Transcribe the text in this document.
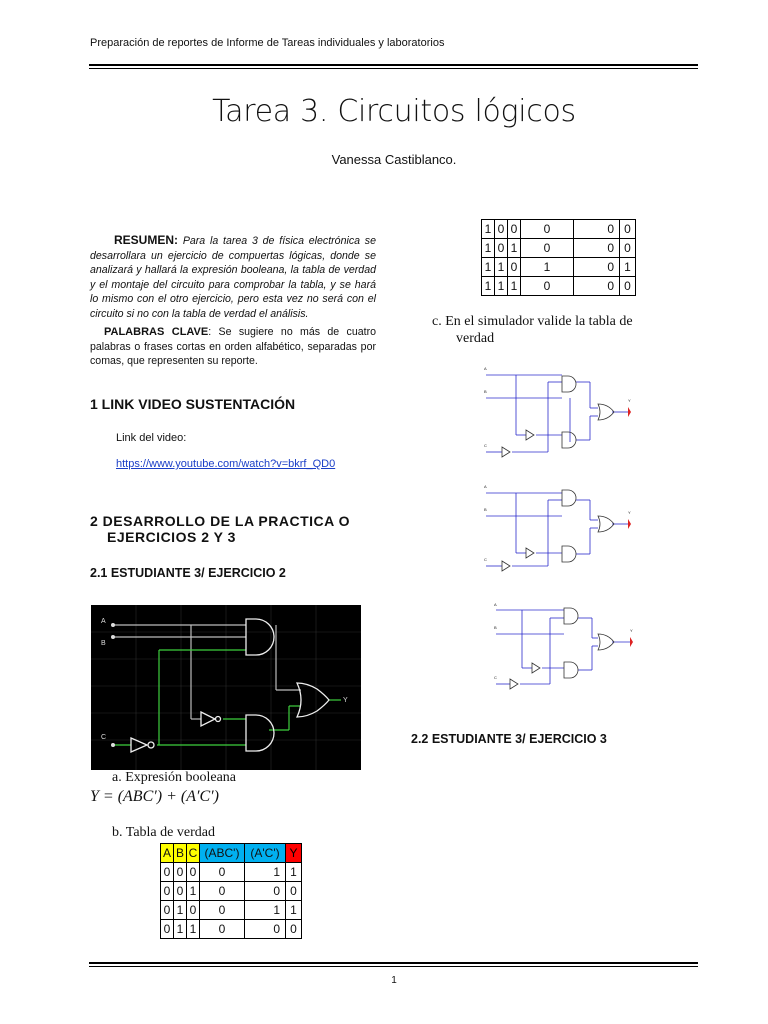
Preparación de reportes de Informe de Tareas individuales y laboratorios
Tarea 3. Circuitos lógicos
Vanessa Castiblanco.
RESUMEN: Para la tarea 3 de física electrónica se desarrollara un ejercicio de compuertas lógicas, donde se analizará y hallará la expresión booleana, la tabla de verdad y el montaje del circuito para comprobar la tabla, y se hará lo mismo con el otro ejercicio, pero esta vez no será con el circuito si no con la tabla de verdad el análisis.
PALABRAS CLAVE: Se sugiere no más de cuatro palabras o frases cortas en orden alfabético, separadas por comas, que representen su reporte.
1 LINK VIDEO SUSTENTACIÓN
Link del video:
https://www.youtube.com/watch?v=bkrf_QD0
2 DESARROLLO DE LA PRACTICA O
EJERCICIOS 2 Y 3
2.1 ESTUDIANTE 3/ EJERCICIO 2
A
B
C
Y
a. Expresión booleana
Y = (ABC′) + (A′C′)
b. Tabla de verdad
A	B	C	(ABC')	(A'C')	Y
0	0	0	0	1	1
0	0	1	0	0	0
0	1	0	0	1	1
0	1	1	0	0	0
1	0	0	0	0	0
1	0	1	0	0	0
1	1	0	1	0	1
1	1	1	0	0	0
c. En el simulador valide la tabla de
verdad
A
B
C
Y
A
B
C
Y
A
B
C
Y
2.2 ESTUDIANTE 3/ EJERCICIO 3
1
